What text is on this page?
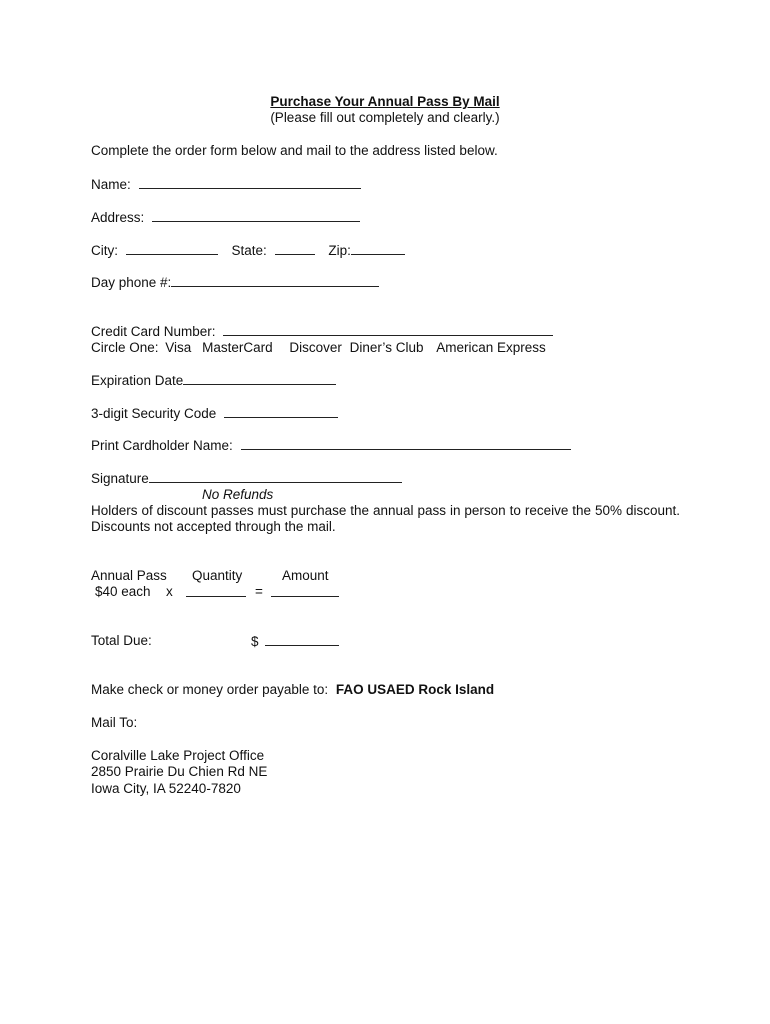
Purchase Your Annual Pass By Mail
(Please fill out completely and clearly.)
Complete the order form below and mail to the address listed below.
Name:
Address:
City:	State:	Zip:
Day phone #:
Credit Card Number:
Circle One: Visa MasterCard Discover Diner’s Club American Express
Expiration Date
3-digit Security Code
Print Cardholder Name:
Signature
No Refunds
Holders of discount passes must purchase the annual pass in person to receive the 50% discount. Discounts not accepted through the mail.
Annual Pass Quantity	Amount
$40 each x	=
Total Due:	$
Make check or money order payable to: FAO USAED Rock Island
Mail To:
Coralville Lake Project Office
2850 Prairie Du Chien Rd NE
Iowa City, IA 52240-7820
